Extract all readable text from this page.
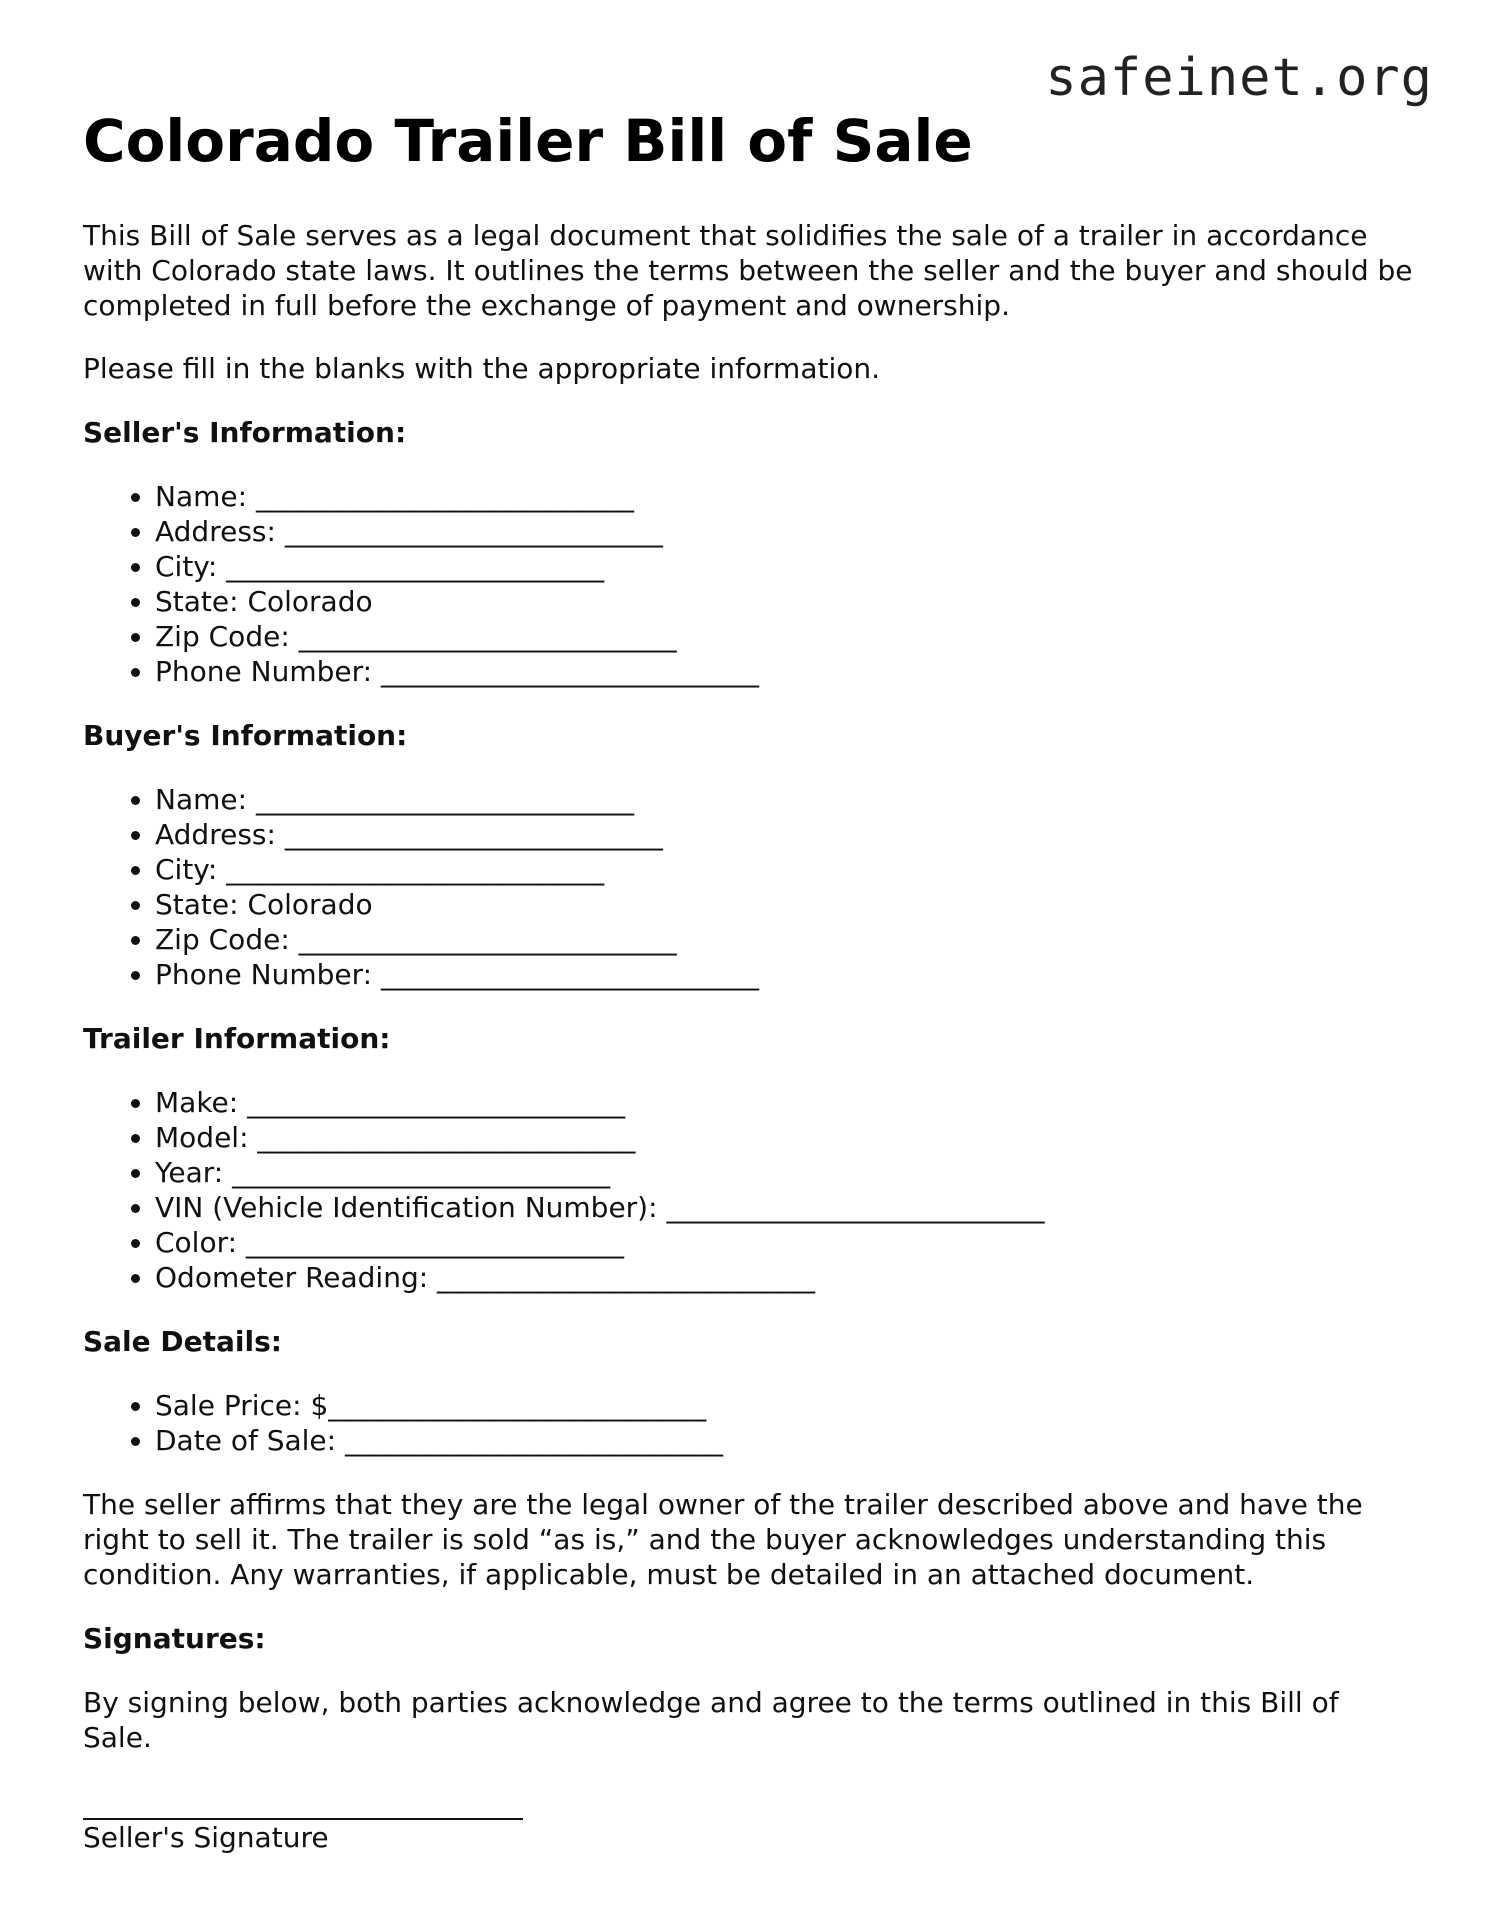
safeinet.org
Colorado Trailer Bill of Sale

This Bill of Sale serves as a legal document that solidifies the sale of a trailer in accordance with Colorado state laws. It outlines the terms between the seller and the buyer and should be completed in full before the exchange of payment and ownership.

Please fill in the blanks with the appropriate information.

Seller's Information:

• Name: ___________________________
• Address: ___________________________
• City: ___________________________
• State: Colorado
• Zip Code: ___________________________
• Phone Number: ___________________________

Buyer's Information:

• Name: ___________________________
• Address: ___________________________
• City: ___________________________
• State: Colorado
• Zip Code: ___________________________
• Phone Number: ___________________________

Trailer Information:

• Make: ___________________________
• Model: ___________________________
• Year: ___________________________
• VIN (Vehicle Identification Number): ___________________________
• Color: ___________________________
• Odometer Reading: ___________________________

Sale Details:

• Sale Price: $___________________________
• Date of Sale: ___________________________

The seller affirms that they are the legal owner of the trailer described above and have the right to sell it. The trailer is sold “as is,” and the buyer acknowledges understanding this condition. Any warranties, if applicable, must be detailed in an attached document.

Signatures:

By signing below, both parties acknowledge and agree to the terms outlined in this Bill of Sale.

Seller's Signature
